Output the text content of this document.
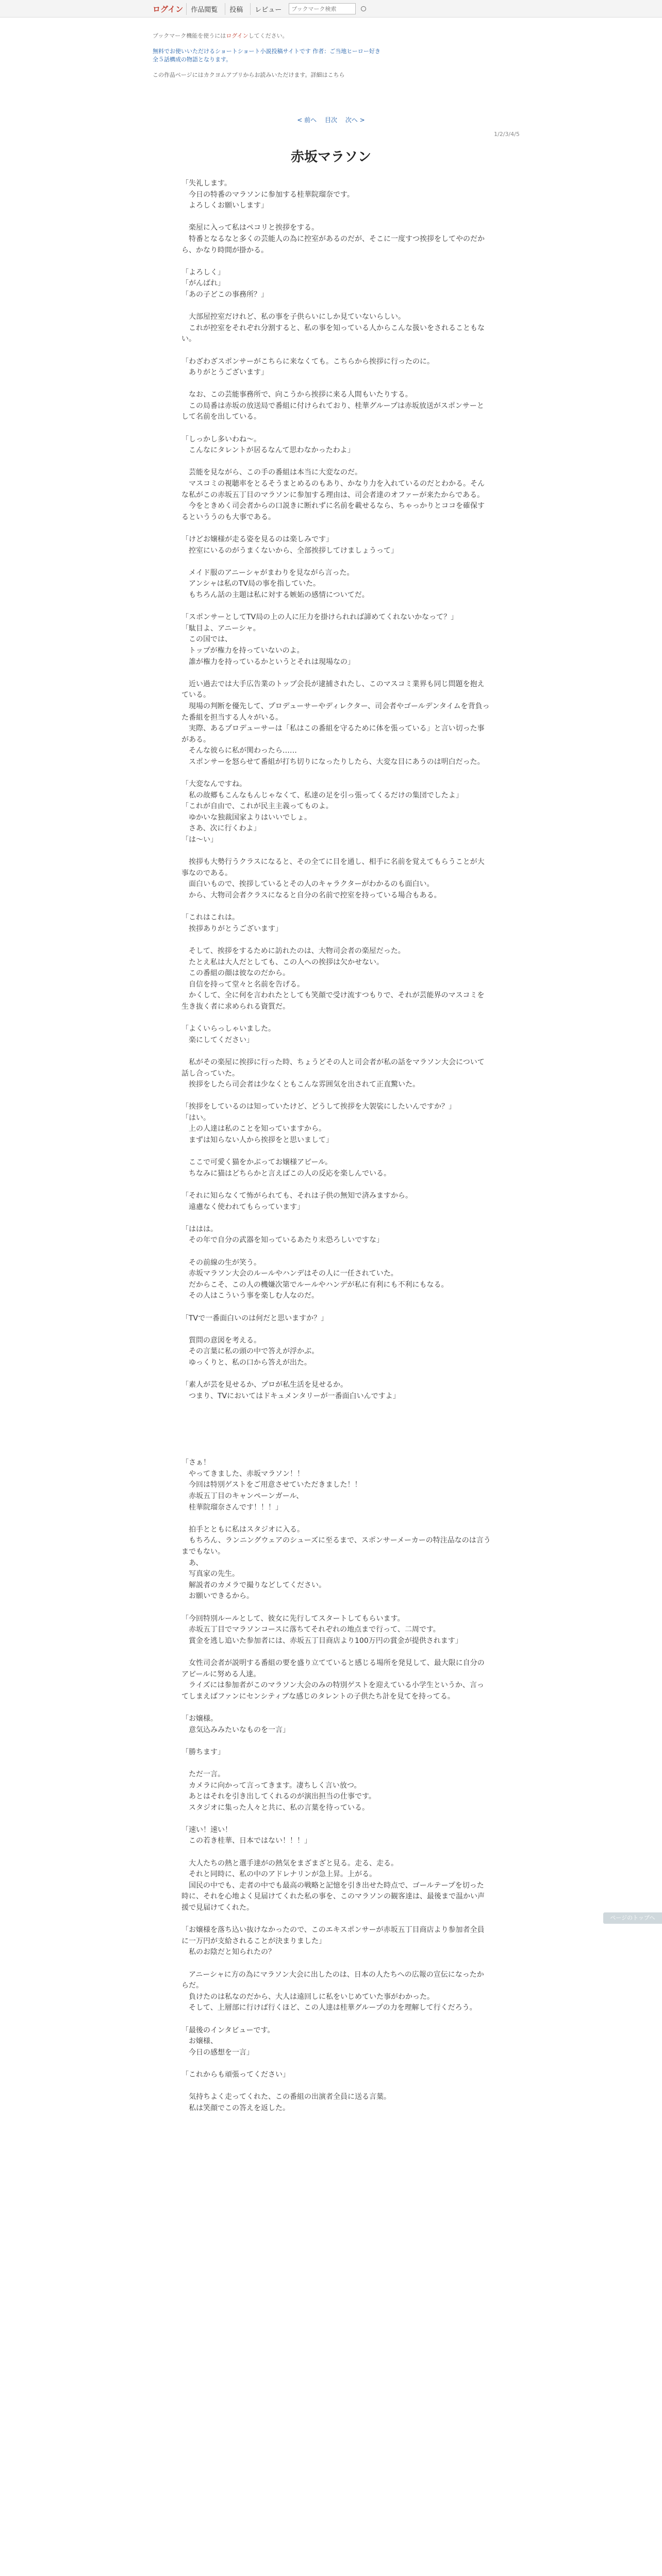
ログイン	作品閲覧	投稿	レビュー
ブックマーク検索
ブックマーク機能を使うにはログインしてください。
無料でお使いいただけるショートショート小説投稿サイトです 作者：ご当地ヒーロー好き
全５話構成の物語となります。
この作品ページにはカクヨムアプリからお読みいただけます。詳細はこちら
< 前へ 目次 次へ >
1/2/3/4/5
赤坂マラソン

「失礼します。

　今日の特番のマラソンに参加する桂華院瑠奈です。

　よろしくお願いします」

　楽屋に入って私はペコリと挨拶をする。

　特番となるなと多くの芸能人の為に控室があるのだが、そこに一度すつ挨拶をしてやのだから、かなり時間が掛かる。

「よろしく」

「がんばれ」

「あの子どこの事務所？」

　大部屋控室だけれど、私の事を子供らいにしか見ていないらしい。

　これが控室をそれぞれ分割すると、私の事を知っている人からこんな扱いをされることもない。

「わざわざスポンサーがこちらに来なくても。こちらから挨拶に行ったのに。

　ありがとうございます」

　なお、この芸能事務所で、向こうから挨拶に来る人間もいたりする。

　この局番は赤坂の放送局で番組に付けられており、桂華グループは赤坂放送がスポンサーとして名前を出している。

「しっかし多いわね～。

　こんなにタレントが居るなんて思わなかったわよ」

　芸能を見ながら、この手の番組は本当に大変なのだ。

　マスコミの視聴率をとるそうまとめるのもあり、かなり力を入れているのだとわかる。そんな私がこの赤坂五丁目のマラソンに参加する理由は、司会者達のオファーが来たからである。

　今をときめく司会者からの口説きに断れずに名前を載せるなら、ちゃっかりとココを確保するといううのも大事である。

「けどお嬢様が走る姿を見るのは楽しみです」

　控室にいるのがうまくないから、全部挨拶してけましょうって」

　メイド服のアニーシャがまわりを見ながら言った。

　アンシャは私のTV局の事を指していた。

　もちろん話の主題は私に対する嫉妬の感情についてだ。

「スポンサーとしてTV局の上の人に圧力を掛けられれば諦めてくれないかなって？」

「駄目よ、アニーシャ。

　この国では、

　トップが権力を持っていないのよ。

　誰が権力を持っているかというとそれは現場なの」

　近い過去では大手広告業のトップ会長が逮捕されたし、このマスコミ業界も同じ問題を抱えている。

　現場の判断を優先して、プロデューサーやディレクター、司会者やゴールデンタイムを背負った番組を担当する人々がいる。

　実際、あるプロデューサーは「私はこの番組を守るために体を張っている」と言い切った事がある。

　そんな彼らに私が関わったら……

　スポンサーを怒らせて番組が打ち切りになったりしたら、大変な目にあうのは明白だった。

「大変なんですね。

　私の故郷もこんなもんじゃなくて、私達の足を引っ張ってくるだけの集団でしたよ」

「これが自由で、これが民主主義ってものよ。

　ゆかいな独裁国家よりはいいでしょ。

　さあ、次に行くわよ」

「は～い」

　挨拶も大勢行うクラスになると、その全てに目を通し、相手に名前を覚えてもらうことが大事なのである。

　面白いもので、挨拶しているとその人のキャラクターがわかるのも面白い。

　から、大物司会者クラスになると自分の名前で控室を持っている場合もある。

「これはこれは。

　挨拶ありがとうございます」

　そして、挨拶をするために訪れたのは、大物司会者の楽屋だった。

　たとえ私は大人だとしても、この人への挨拶は欠かせない。

　この番組の顔は彼なのだから。

　自信を持って堂々と名前を告げる。

　かくして、全に何を言われたとしても笑顔で受け流すつもりで、それが芸能界のマスコミを生き抜く者に求められる資質だ。

「よくいらっしゃいました。

　楽にしてください」

　私がその楽屋に挨拶に行った時、ちょうどその人と司会者が私の話をマラソン大会について話し合っていた。

　挨拶をしたら司会者は少なくともこんな雰囲気を出されて正直驚いた。

「挨拶をしているのは知っていたけど、どうして挨拶を大袈裟にしたいんですか？」

「はい。

　上の人達は私のことを知っていますから。

　まずは知らない人から挨拶をと思いまして」

　ここで可愛く猫をかぶってお嬢様アピール。

　ちなみに猫はどちらかと言えばこの人の反応を楽しんでいる。

「それに知らなくて怖がられても、それは子供の無知で済みますから。

　遠慮なく使われてもらっています」

「ははは。

　その年で自分の武器を知っているあたり末恐ろしいですな」

　その前線の生が笑う。

　赤坂マラソン大会のルールやハンデはその人に一任されていた。

　だからこそ、この人の機嫌次第でルールやハンデが私に有利にも不利にもなる。

　その人はこういう事を楽しむ人なのだ。

「TVで一番面白いのは何だと思いますか？」

　質問の意図を考える。

　その言葉に私の頭の中で答えが浮かぶ。

　ゆっくりと、私の口から答えが出た。

「素人が芸を見せるか、プロが私生活を見せるか。

　つまり、TVにおいてはドキュメンタリーが一番面白いんですよ」

「さぁ！

　やってきました、赤坂マラソン！！

　今回は特別ゲストをご用意させていただきました！！

　赤坂五丁目のキャンペーンガール、

　桂華院瑠奈さんです！！！」

　拍手とともに私はスタジオに入る。

　もちろん、ランニングウェアのシューズに至るまで、スポンサーメーカーの特注品なのは言うまでもない。

　あ、

　写真家の先生。

　解説者のカメラで撮りなどしてください。

　お願いできるから。

「今回特別ルールとして、彼女に先行してスタートしてもらいます。

　赤坂五丁目でマラソンコースに落ちてそれぞれの地点まで行って、二周です。

　賞金を逃し追いた参加者には、赤坂五丁目商店より100万円の賞金が提供されます」

　女性司会者が説明する番組の要を盛り立てていると感じる場所を発見して、最大限に自分のアピールに努める人達。

　ライズには参加者がこのマラソン大会のみの特別ゲストを迎えている小学生というか、言ってしまえばファンにセンシティブな感じのタレントの子供たち計を見てを持ってる。

「お嬢様。

　意気込みみたいなものを一言」

「勝ちます」

　ただ一言。

　カメラに向かって言ってきます。凄ちしく言い放つ。

　あとはそれを引き出してくれるのが演出担当の仕事です。

　スタジオに集った人々と共に、私の言葉を待っている。

「速い！速い！

　この若き桂華、日本ではない！！！」

　大人たちの熱と選手達がの熱気をまざまざと見る。走る、走る。

　それと同時に、私の中のアドレナリンが急上昇。上がる。

　国民の中でも、走者の中でも最高の戦略と記憶を引き出せた時点で、ゴールテープを切った時に、それを心地よく見届けてくれた私の事を、このマラソンの観客達は、最後まで温かい声援で見届けてくれた。

「お嬢様を落ち込い抜けなかったので、このエキスポンサーが赤坂五丁目商店より参加者全員に一万円が支給されることが決まりました」

　私のお陰だと知られたの？

　アニーシャに方の為にマラソン大会に出したのは、日本の人たちへの広報の宣伝になったからだ。

　負けたのは私なのだから、大人は遠回しに私をいじめていた事がわかった。

　そして、上層部に行けば行くほど、この人達は桂華グループの力を理解して行くだろう。

「最後のインタビューです。

　お嬢様、

　今日の感想を一言」

「これからも頑張ってください」

　気持ちよく走ってくれた、この番組の出演者全員に送る言葉。

　私は笑顔でこの答えを返した。

ページのトップへ
